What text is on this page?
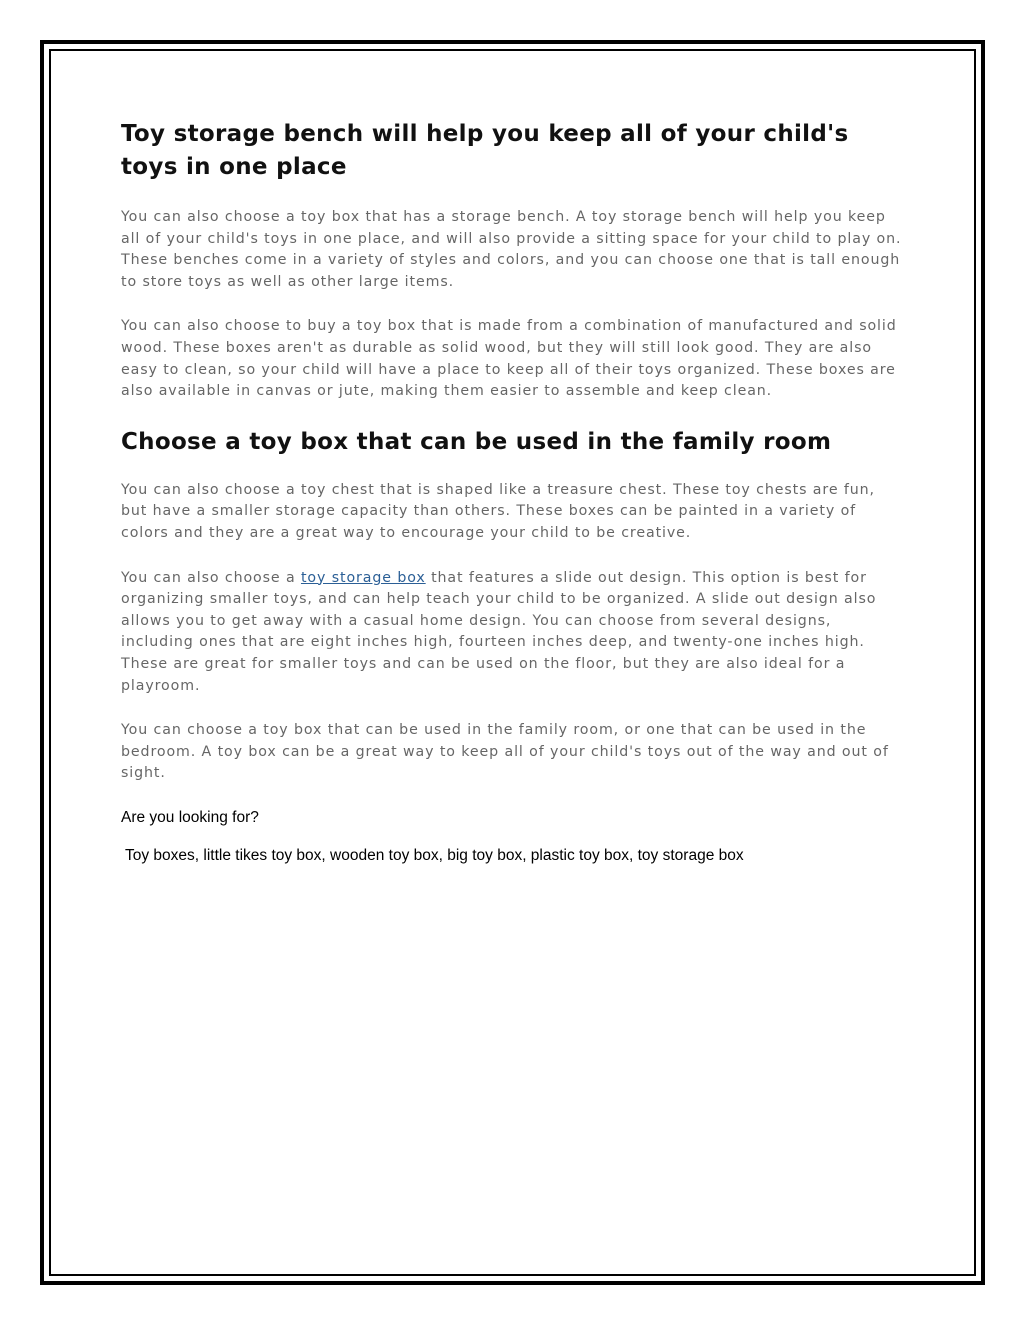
Toy storage bench will help you keep all of your child's toys in one place

You can also choose a toy box that has a storage bench. A toy storage bench will help you keep all of your child's toys in one place, and will also provide a sitting space for your child to play on. These benches come in a variety of styles and colors, and you can choose one that is tall enough to store toys as well as other large items.

You can also choose to buy a toy box that is made from a combination of manufactured and solid wood. These boxes aren't as durable as solid wood, but they will still look good. They are also easy to clean, so your child will have a place to keep all of their toys organized. These boxes are also available in canvas or jute, making them easier to assemble and keep clean.

Choose a toy box that can be used in the family room

You can also choose a toy chest that is shaped like a treasure chest. These toy chests are fun, but have a smaller storage capacity than others. These boxes can be painted in a variety of colors and they are a great way to encourage your child to be creative.

You can also choose a toy storage box that features a slide out design. This option is best for organizing smaller toys, and can help teach your child to be organized. A slide out design also allows you to get away with a casual home design. You can choose from several designs, including ones that are eight inches high, fourteen inches deep, and twenty-one inches high. These are great for smaller toys and can be used on the floor, but they are also ideal for a playroom.

You can choose a toy box that can be used in the family room, or one that can be used in the bedroom. A toy box can be a great way to keep all of your child's toys out of the way and out of sight.

Are you looking for?

Toy boxes, little tikes toy box, wooden toy box, big toy box, plastic toy box, toy storage box
